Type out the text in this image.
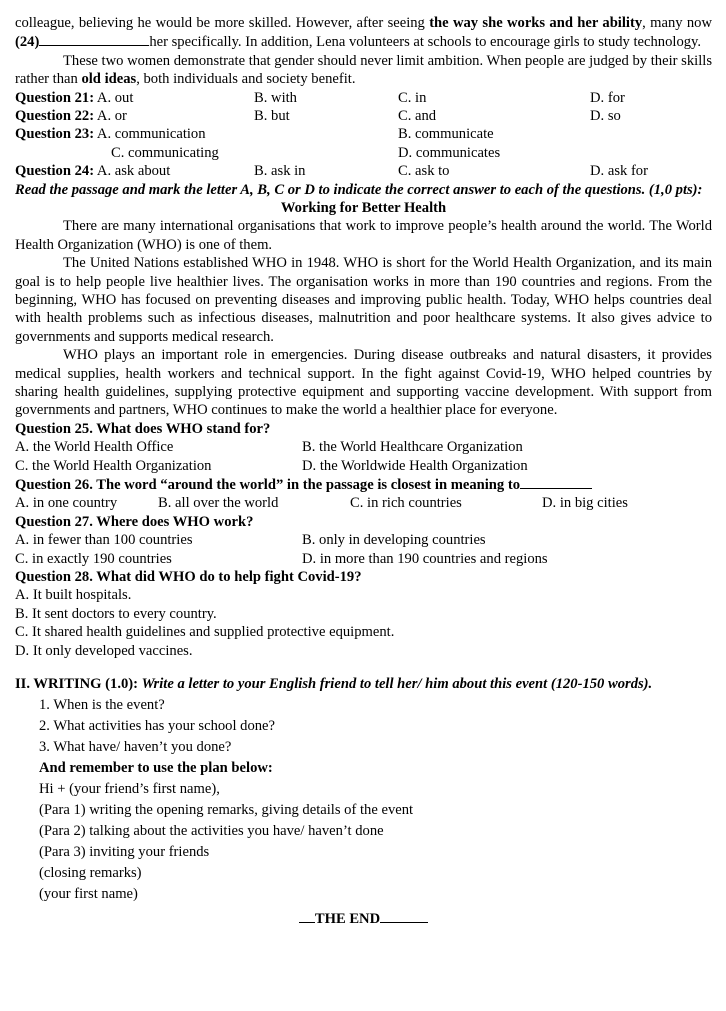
colleague, believing he would be more skilled. However, after seeing the way she works and her ability, many now (24)	her specifically. In addition, Lena volunteers at schools to encourage girls to study technology.

These two women demonstrate that gender should never limit ambition. When people are judged by their skills rather than old ideas, both individuals and society benefit.

Question 21: A. out	B. with	C. in	D. for
Question 22: A. or	B. but	C. and	D. so
Question 23: A. communication	B. communicate
C. communicating	D. communicates
Question 24: A. ask about	B. ask in	C. ask to	D. ask for

Read the passage and mark the letter A, B, C or D to indicate the correct answer to each of the questions. (1,0 pts):

Working for Better Health

There are many international organisations that work to improve people’s health around the world. The World Health Organization (WHO) is one of them.

The United Nations established WHO in 1948. WHO is short for the World Health Organization, and its main goal is to help people live healthier lives. The organisation works in more than 190 countries and regions. From the beginning, WHO has focused on preventing diseases and improving public health. Today, WHO helps countries deal with health problems such as infectious diseases, malnutrition and poor healthcare systems. It also gives advice to governments and supports medical research.

WHO plays an important role in emergencies. During disease outbreaks and natural disasters, it provides medical supplies, health workers and technical support. In the fight against Covid-19, WHO helped countries by sharing health guidelines, supplying protective equipment and supporting vaccine development. With support from governments and partners, WHO continues to make the world a healthier place for everyone.

Question 25. What does WHO stand for?

A. the World Health Office	B. the World Healthcare Organization
C. the World Health Organization	D. the Worldwide Health Organization

Question 26. The word “around the world” in the passage is closest in meaning to

A. in one country	B. all over the world	C. in rich countries	D. in big cities

Question 27. Where does WHO work?

A. in fewer than 100 countries	B. only in developing countries
C. in exactly 190 countries	D. in more than 190 countries and regions

Question 28. What did WHO do to help fight Covid-19?

A. It built hospitals.

B. It sent doctors to every country.

C. It shared health guidelines and supplied protective equipment.

D. It only developed vaccines.

II. WRITING (1.0): Write a letter to your English friend to tell her/ him about this event (120-150 words).

1. When is the event?

2. What activities has your school done?

3. What have/ haven’t you done?

And remember to use the plan below:

Hi + (your friend’s first name),

(Para 1) writing the opening remarks, giving details of the event

(Para 2) talking about the activities you have/ haven’t done

(Para 3) inviting your friends

(closing remarks)

(your first name)

THE END
